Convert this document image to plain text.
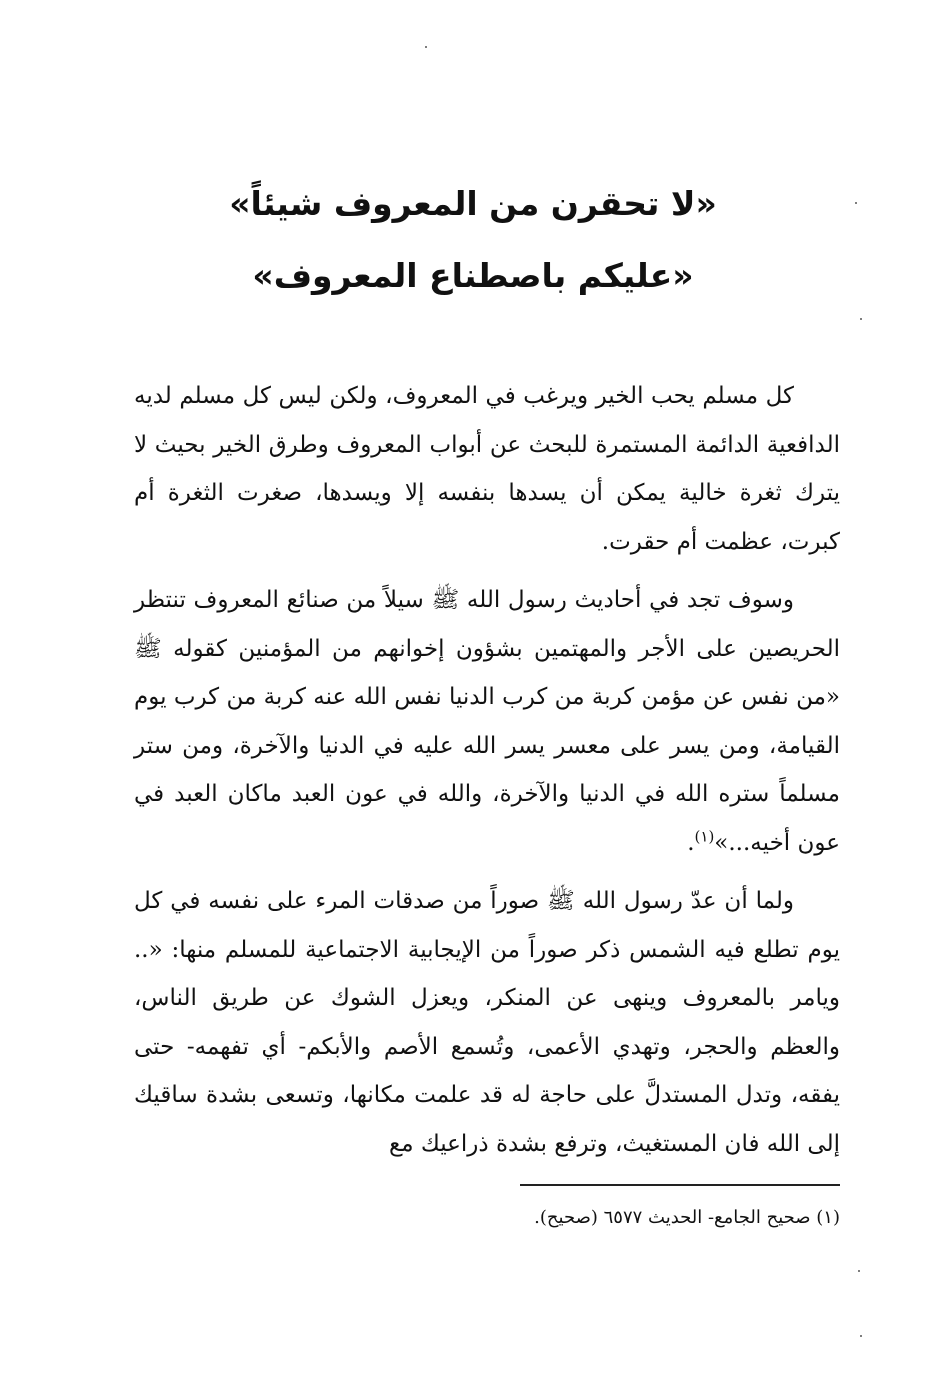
«لا تحقرن من المعروف شيئاً»
«عليكم باصطناع المعروف»

كل مسلم يحب الخير ويرغب في المعروف، ولكن ليس كل مسلم لديه الدافعية الدائمة المستمرة للبحث عن أبواب المعروف وطرق الخير بحيث لا يترك ثغرة خالية يمكن أن يسدها بنفسه إلا ويسدها، صغرت الثغرة أم كبرت، عظمت أم حقرت.

وسوف تجد في أحاديث رسول الله ﷺ سيلاً من صنائع المعروف تنتظر الحريصين على الأجر والمهتمين بشؤون إخوانهم من المؤمنين كقوله ﷺ «من نفس عن مؤمن كربة من كرب الدنيا نفس الله عنه كربة من كرب يوم القيامة، ومن يسر على معسر يسر الله عليه في الدنيا والآخرة، ومن ستر مسلماً ستره الله في الدنيا والآخرة، والله في عون العبد ماكان العبد في عون أخيه...»$^{(١)}$.

ولما أن عدّ رسول الله ﷺ صوراً من صدقات المرء على نفسه في كل يوم تطلع فيه الشمس ذكر صوراً من الإيجابية الاجتماعية للمسلم منها: «.. ويامر بالمعروف وينهى عن المنكر، ويعزل الشوك عن طريق الناس، والعظم والحجر، وتهدي الأعمى، وتُسمع الأصم والأبكم- أي تفهمه- حتى يفقه، وتدل المستدلَّ على حاجة له قد علمت مكانها، وتسعى بشدة ساقيك إلى الله فان المستغيث، وترفع بشدة ذراعيك مع

(١) صحيح الجامع- الحديث ٦٥٧٧ (صحيح).
